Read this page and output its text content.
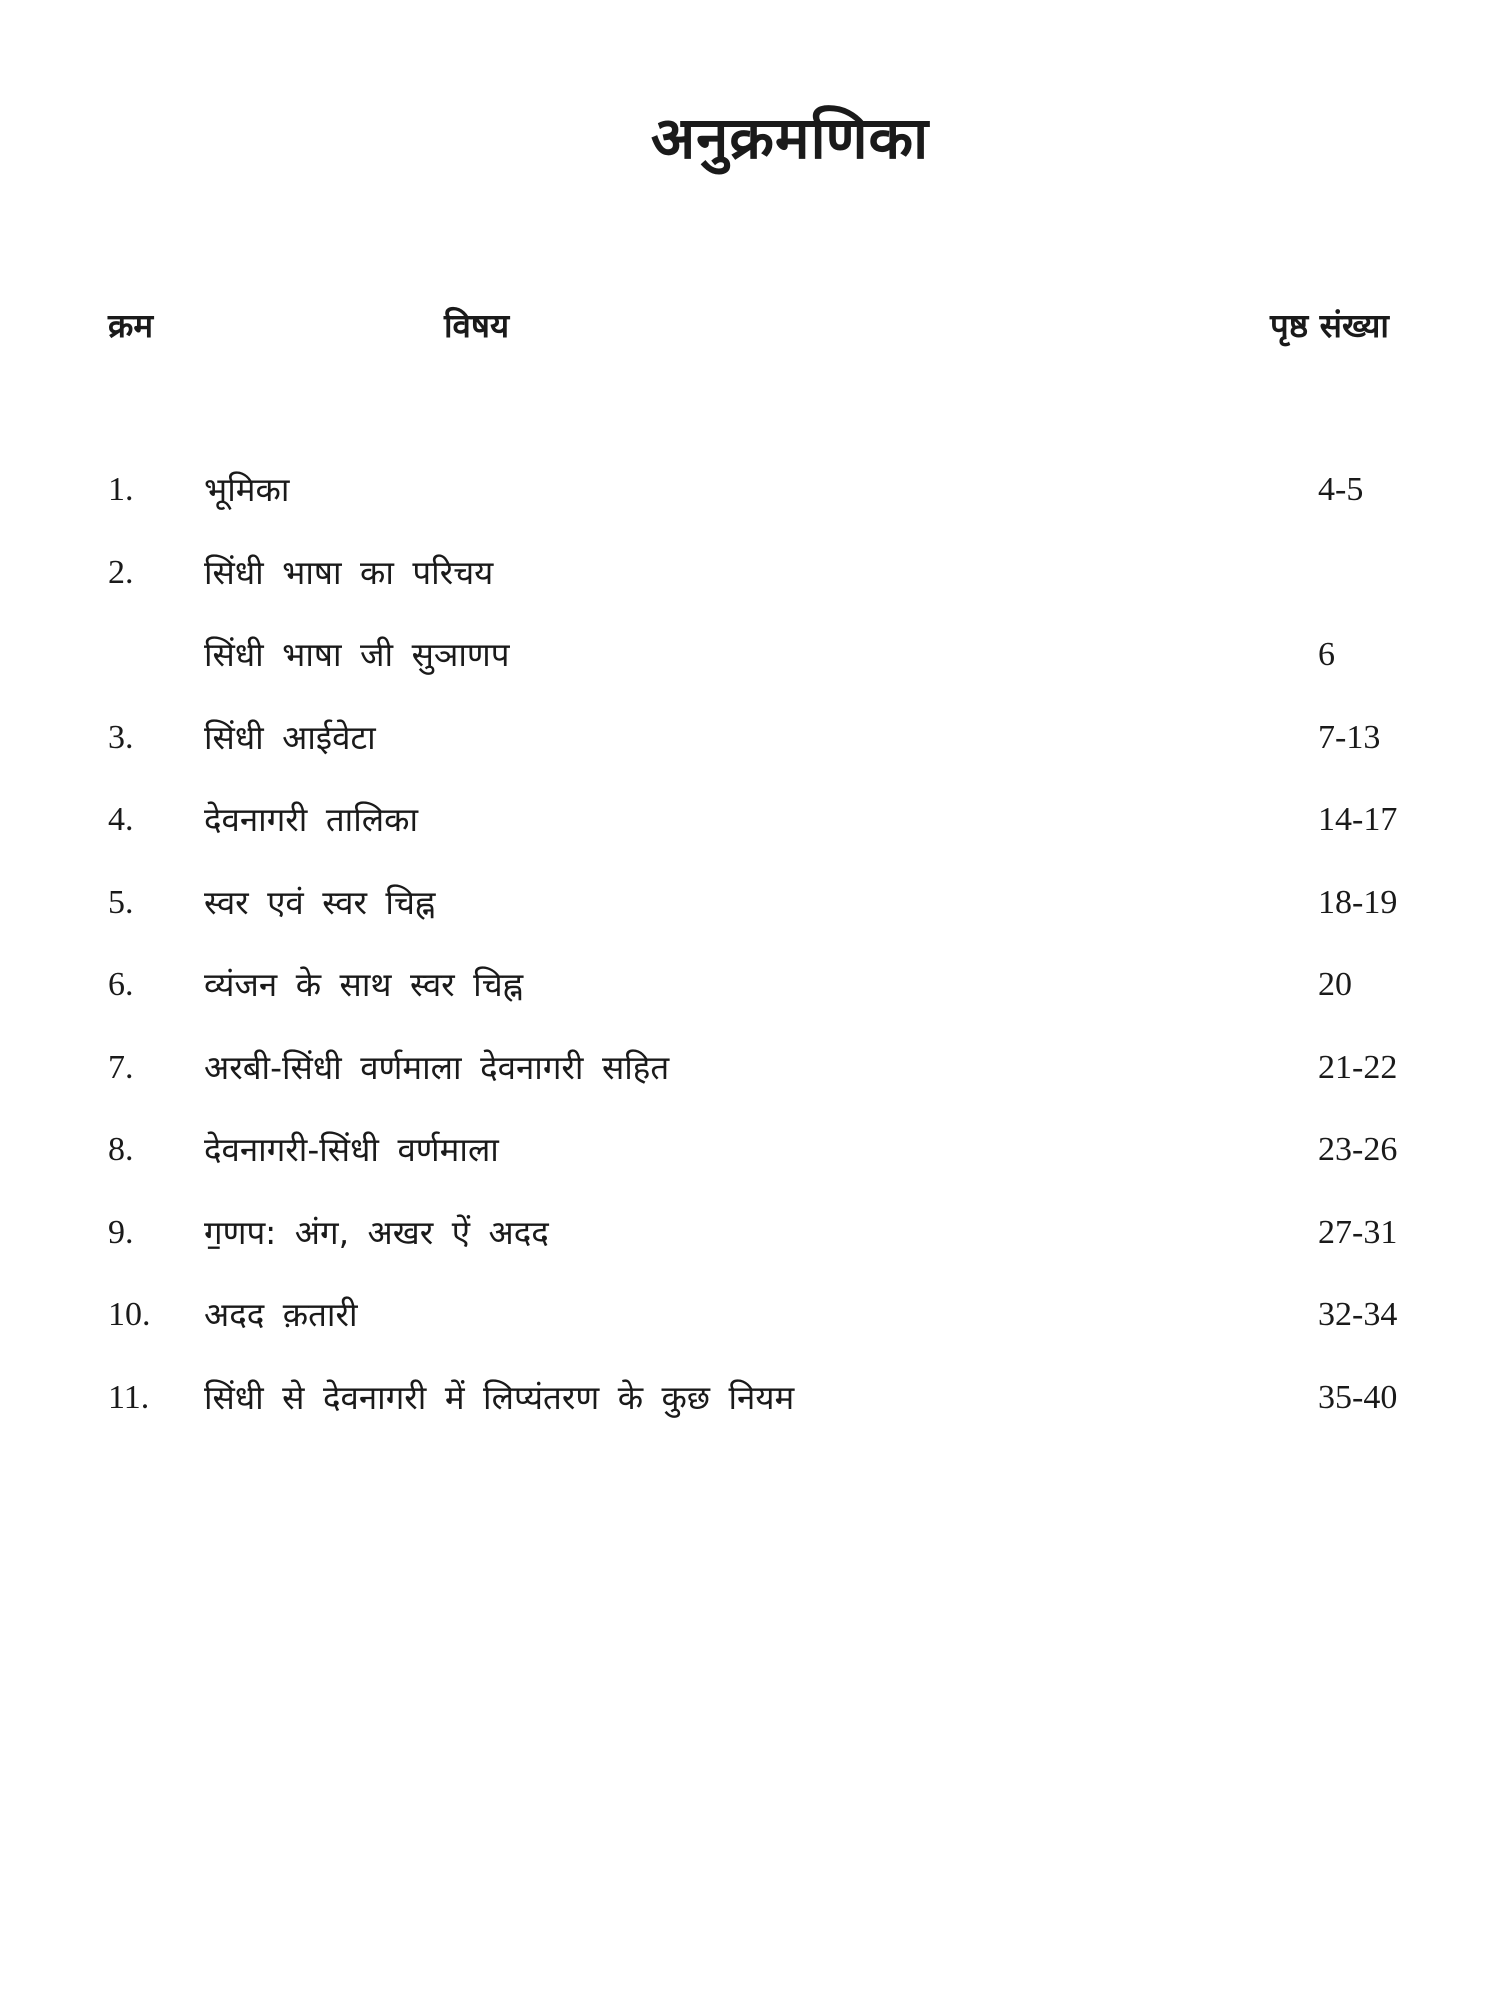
अनुक्रमणिका
क्रम	विषय	पृष्ठ संख्या
1. भूमिका	4-5
2. सिंधी भाषा का परिचय
सिंधी भाषा जी सुञाणप	6
3. सिंधी आईवेटा	7-13
4. देवनागरी तालिका	14-17
5. स्वर एवं स्वर चिह्न	18-19
6. व्यंजन के साथ स्वर चिह्न	20
7. अरबी-सिंधी वर्णमाला देवनागरी सहित	21-22
8. देवनागरी-सिंधी वर्णमाला	23-26
9. ग॒णप: अंग, अखर ऐं अदद	27-31
10. अदद क़तारी	32-34
11. सिंधी से देवनागरी में लिप्यंतरण के कुछ नियम	35-40
